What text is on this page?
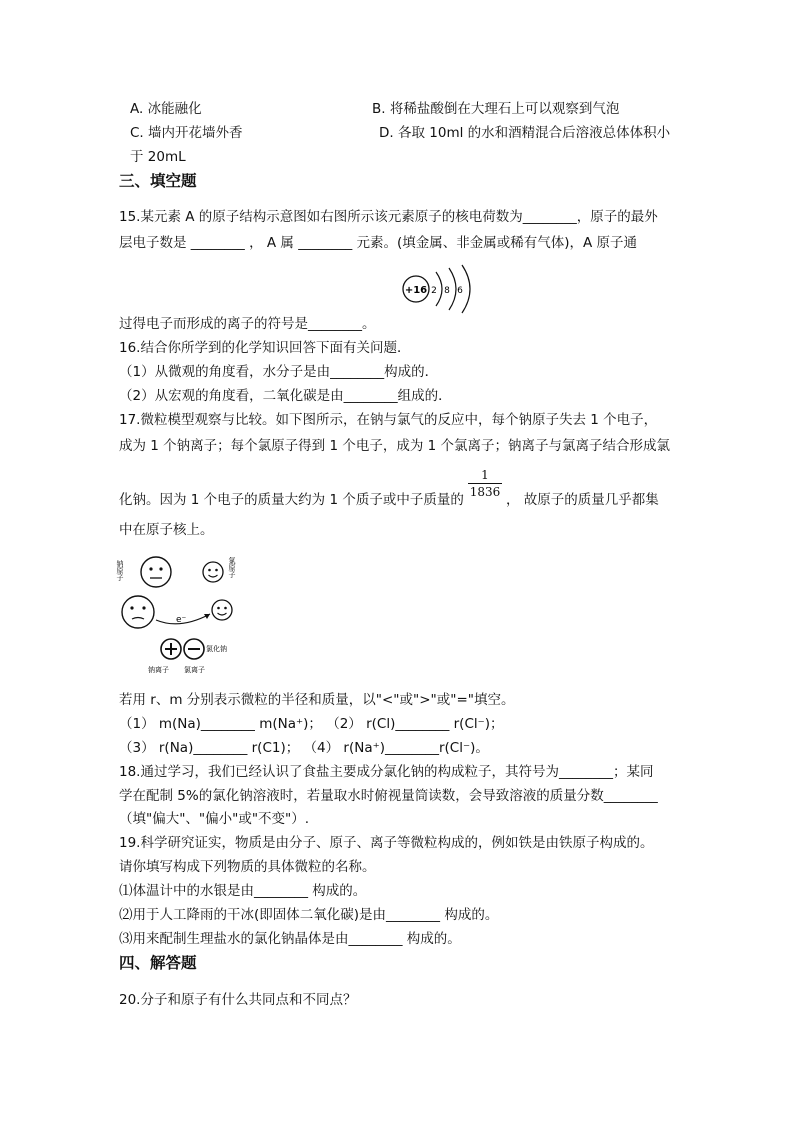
A. 冰能融化	B. 将稀盐酸倒在大理石上可以观察到气泡
C. 墙内开花墙外香	D. 各取 10ml 的水和酒精混合后溶液总体体积小
于 20mL
三、填空题
15.某元素 A 的原子结构示意图如右图所示该元素原子的核电荷数为________，原子的最外
层电子数是 ________ ， A 属 ________ 元素。(填金属、非金属或稀有气体)，A 原子通
+16 2 8 6
过得电子而形成的离子的符号是________。
16.结合你所学到的化学知识回答下面有关问题．
（1）从微观的角度看，水分子是由________构成的．
（2）从宏观的角度看，二氧化碳是由________组成的．
17.微粒模型观察与比较。如下图所示，在钠与氯气的反应中，每个钠原子失去 1 个电子，
成为 1 个钠离子；每个氯原子得到 1 个电子，成为 1 个氯离子；钠离子与氯离子结合形成氯
化钠。因为 1 个电子的质量大约为 1 个质子或中子质量的
1
1836 ， 故原子的质量几乎都集
中在原子核上。
钠原子	氯原子
e⁻
氯化钠
钠离子 氯离子
若用 r、m 分别表示微粒的半径和质量，以"<"或">"或"="填空。
（1） m(Na)________ m(Na⁺)； （2） r(Cl)________ r(Cl⁻)；
（3） r(Na)________ r(C1)； （4） r(Na⁺)________r(Cl⁻)。
18.通过学习，我们已经认识了食盐主要成分氯化钠的构成粒子，其符号为________；某同
学在配制 5%的氯化钠溶液时，若量取水时俯视量筒读数，会导致溶液的质量分数________
（填"偏大"、"偏小"或"不变"）.
19.科学研究证实，物质是由分子、原子、离子等微粒构成的，例如铁是由铁原子构成的。
请你填写构成下列物质的具体微粒的名称。
⑴体温计中的水银是由________ 构成的。
⑵用于人工降雨的干冰(即固体二氧化碳)是由________ 构成的。
⑶用来配制生理盐水的氯化钠晶体是由________ 构成的。
四、解答题
20.分子和原子有什么共同点和不同点？
